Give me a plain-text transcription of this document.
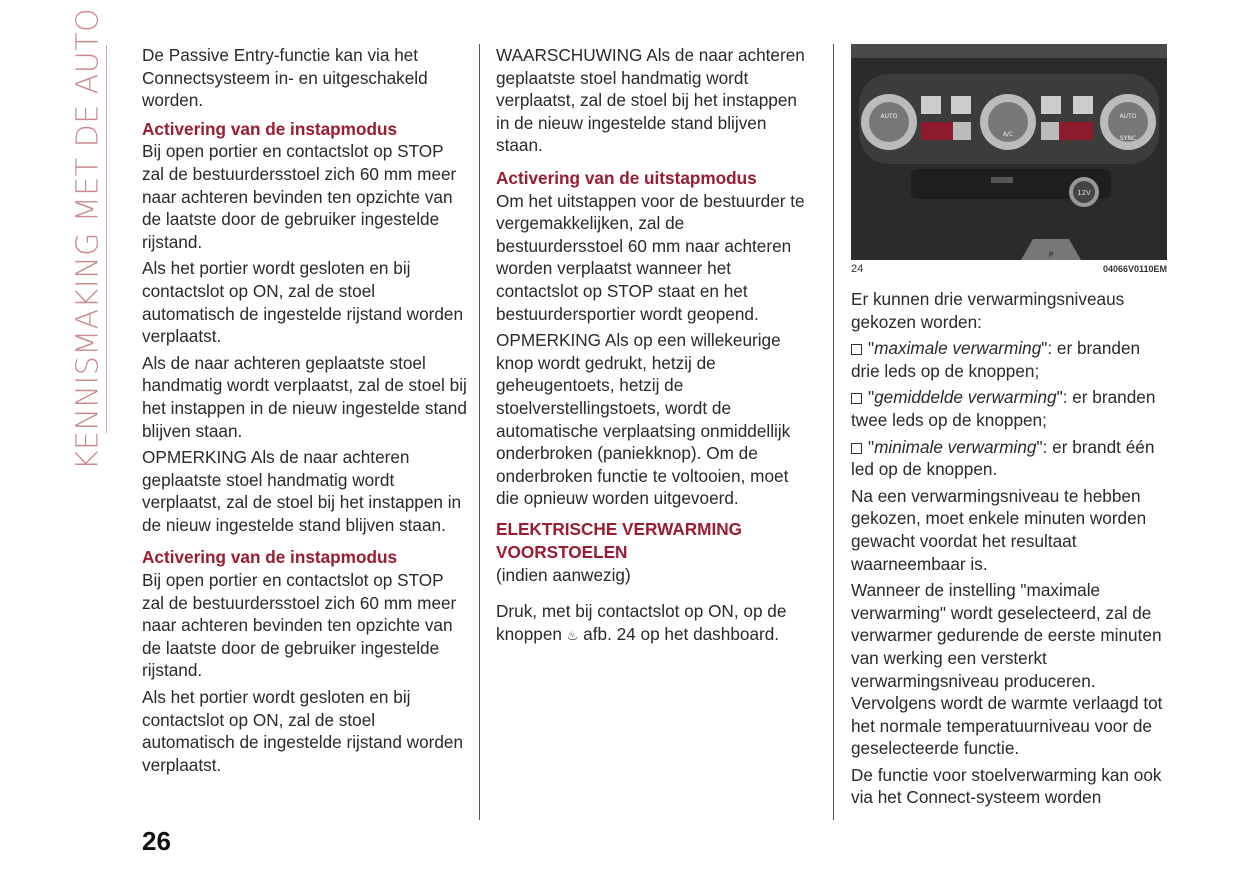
KENNISMAKING MET DE AUTO De Passive Entry-functie kan via het Connectsysteem in- en uitgeschakeld worden.

Activering van de instapmodus

Bij open portier en contactslot op STOP zal de bestuurdersstoel zich 60 mm meer naar achteren bevinden ten opzichte van de laatste door de gebruiker ingestelde rijstand.

Als het portier wordt gesloten en bij contactslot op ON, zal de stoel automatisch de ingestelde rijstand worden verplaatst.

Als de naar achteren geplaatste stoel handmatig wordt verplaatst, zal de stoel bij het instappen in de nieuw ingestelde stand blijven staan.

OPMERKING Als de naar achteren geplaatste stoel handmatig wordt verplaatst, zal de stoel bij het instappen in de nieuw ingestelde stand blijven staan.

Activering van de instapmodus

Bij open portier en contactslot op STOP zal de bestuurdersstoel zich 60 mm meer naar achteren bevinden ten opzichte van de laatste door de gebruiker ingestelde rijstand.

Als het portier wordt gesloten en bij contactslot op ON, zal de stoel automatisch de ingestelde rijstand worden verplaatst.

WAARSCHUWING Als de naar achteren geplaatste stoel handmatig wordt verplaatst, zal de stoel bij het instappen in de nieuw ingestelde stand blijven staan.

Activering van de uitstapmodus

Om het uitstappen voor de bestuurder te vergemakkelijken, zal de bestuurdersstoel 60 mm naar achteren worden verplaatst wanneer het contactslot op STOP staat en het bestuurdersportier wordt geopend.

OPMERKING Als op een willekeurige knop wordt gedrukt, hetzij de geheugentoets, hetzij de stoelverstellingstoets, wordt de automatische verplaatsing onmiddellijk onderbroken (paniekknop). Om de onderbroken functie te voltooien, moet die opnieuw worden uitgevoerd.

ELEKTRISCHE VERWARMING VOORSTOELEN

(indien aanwezig)

Druk, met bij contactslot op ON, op de knoppen ♨ afb. 24 op het dashboard.

AUTO
A/C
AUTO
SYNC
12V
P
24	04066V0110EM

Er kunnen drie verwarmingsniveaus gekozen worden:

"maximale verwarming": er branden drie leds op de knoppen;

"gemiddelde verwarming": er branden twee leds op de knoppen;

"minimale verwarming": er brandt één led op de knoppen.

Na een verwarmingsniveau te hebben gekozen, moet enkele minuten worden gewacht voordat het resultaat waarneembaar is.

Wanneer de instelling "maximale verwarming" wordt geselecteerd, zal de verwarmer gedurende de eerste minuten van werking een versterkt verwarmingsniveau produceren. Vervolgens wordt de warmte verlaagd tot het normale temperatuurniveau voor de geselecteerde functie.

De functie voor stoelverwarming kan ook via het Connect-systeem worden

26
